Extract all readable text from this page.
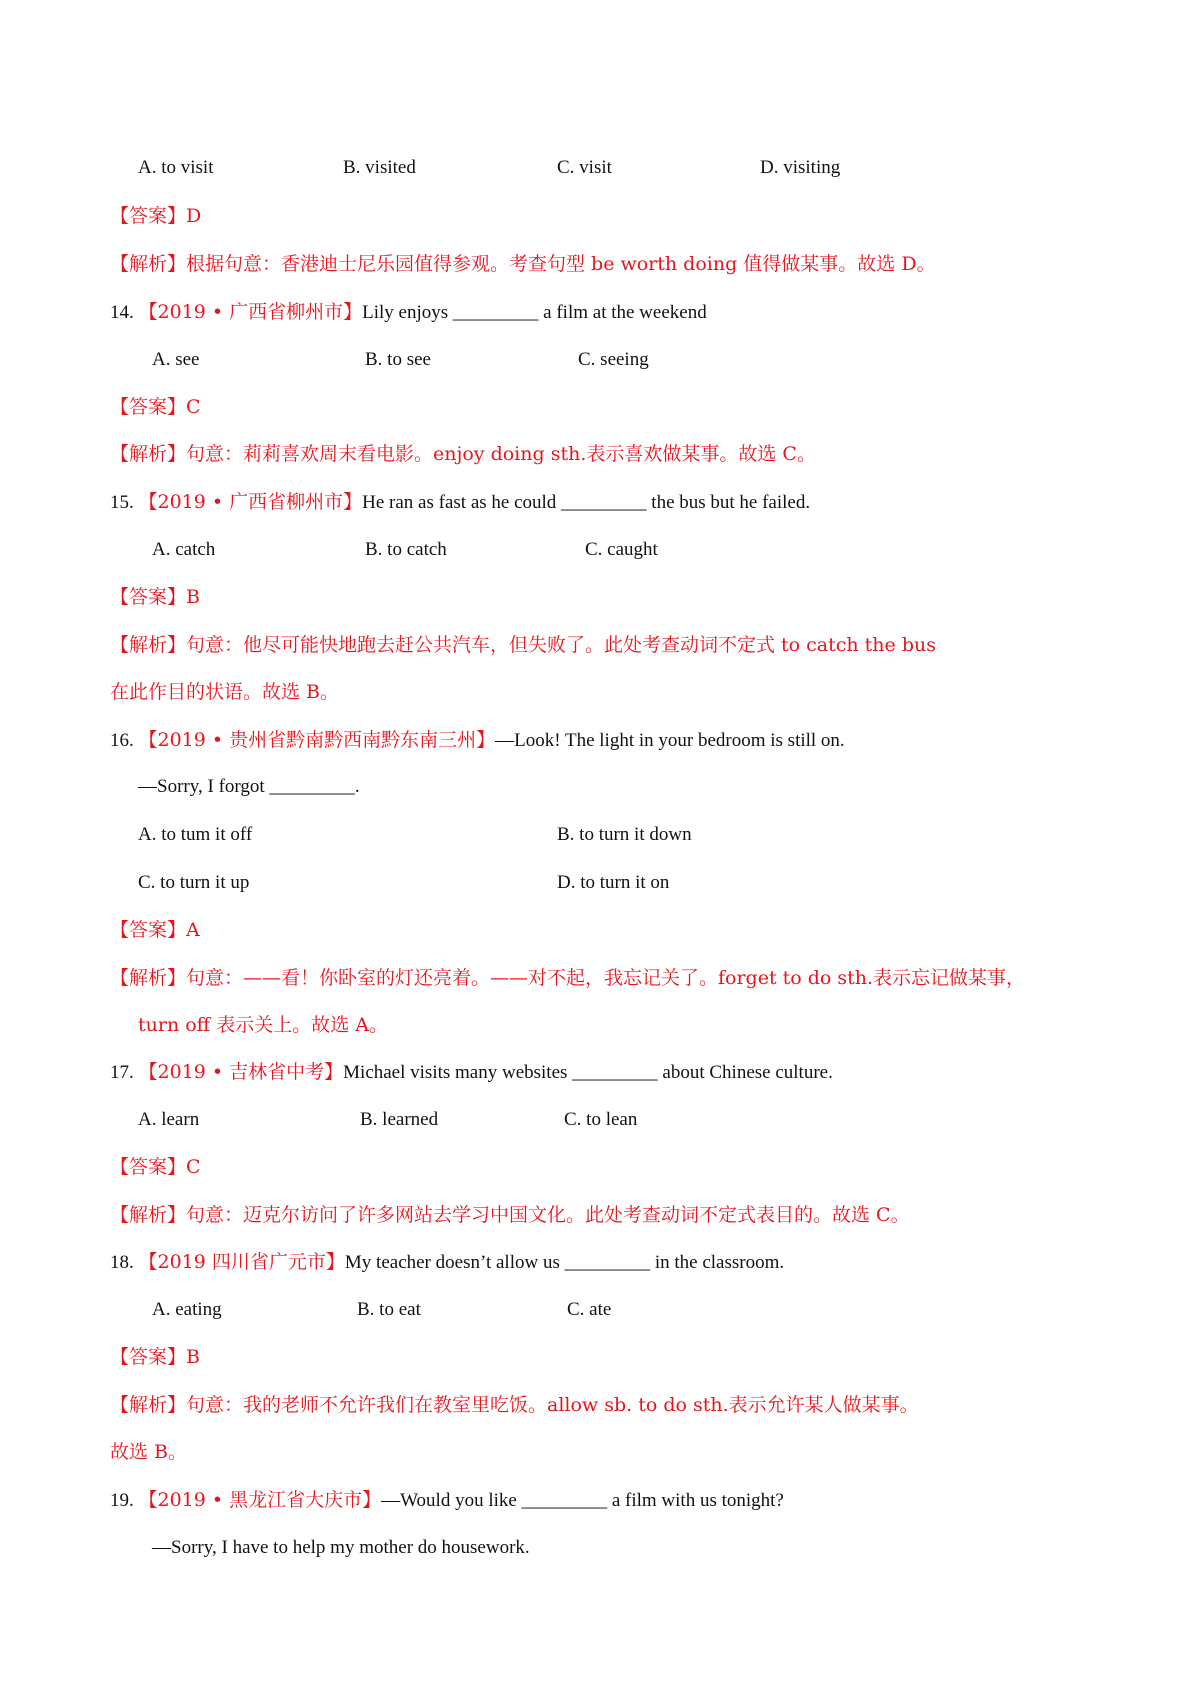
A. to visit	B. visited	C. visit	D. visiting
【答案】D
【解析】根据句意：香港迪士尼乐园值得参观。考查句型 be worth doing 值得做某事。故选 D。
14. 【2019 • 广西省柳州市】Lily enjoys _________ a film at the weekend
A. see	B. to see	C. seeing
【答案】C
【解析】句意：莉莉喜欢周末看电影。enjoy doing sth.表示喜欢做某事。故选 C。
15. 【2019 • 广西省柳州市】He ran as fast as he could _________ the bus but he failed.
A. catch	B. to catch	C. caught
【答案】B
【解析】句意：他尽可能快地跑去赶公共汽车，但失败了。此处考查动词不定式 to catch the bus
在此作目的状语。故选 B。
16. 【2019 • 贵州省黔南黔西南黔东南三州】—Look! The light in your bedroom is still on.
—Sorry, I forgot _________.
A. to tum it off	B. to turn it down
C. to turn it up	D. to turn it on
【答案】A
【解析】句意：——看！你卧室的灯还亮着。——对不起，我忘记关了。forget to do sth.表示忘记做某事，
turn off 表示关上。故选 A。
17. 【2019 • 吉林省中考】Michael visits many websites _________ about Chinese culture.
A. learn	B. learned	C. to lean
【答案】C
【解析】句意：迈克尔访问了许多网站去学习中国文化。此处考查动词不定式表目的。故选 C。
18. 【2019 四川省广元市】My teacher doesn’t allow us _________ in the classroom.
A. eating	B. to eat	C. ate
【答案】B
【解析】句意：我的老师不允许我们在教室里吃饭。allow sb. to do sth.表示允许某人做某事。
故选 B。
19. 【2019 • 黑龙江省大庆市】—Would you like _________ a film with us tonight?
—Sorry, I have to help my mother do housework.
